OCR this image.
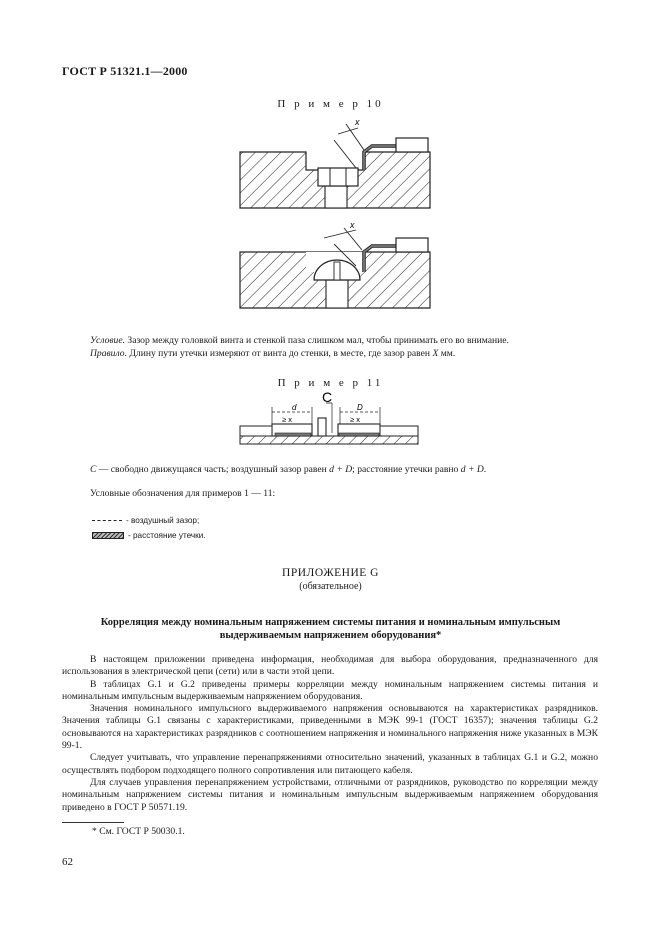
ГОСТ Р 51321.1—2000
П р и м е р 10
x
x
Условие. Зазор между головкой винта и стенкой паза слишком мал, чтобы принимать его во внимание.
Правило. Длину пути утечки измеряют от винта до стенки, в месте, где зазор равен X мм.
П р и м е р 11
C
d	D
≥ x	≥ x
C — свободно движущаяся часть; воздушный зазор равен d + D; расстояние утечки равно d + D.
Условные обозначения для примеров 1 — 11:
- воздушный зазор;
- расстояние утечки.
ПРИЛОЖЕНИЕ G
(обязательное)
Корреляция между номинальным напряжением системы питания и номинальным импульсным
выдерживаемым напряжением оборудования*

В настоящем приложении приведена информация, необходимая для выбора оборудования, предназначенного для использования в электрической цепи (сети) или в части этой цепи.

В таблицах G.1 и G.2 приведены примеры корреляции между номинальным напряжением системы питания и номинальным импульсным выдерживаемым напряжением оборудования.

Значения номинального импульсного выдерживаемого напряжения основываются на характеристиках разрядников. Значения таблицы G.1 связаны с характеристиками, приведенными в МЭК 99-1 (ГОСТ 16357); значения таблицы G.2 основываются на характеристиках разрядников с соотношением напряжения и номинального напряжения ниже указанных в МЭК 99-1.

Следует учитывать, что управление перенапряжениями относительно значений, указанных в таблицах G.1 и G.2, можно осуществлять подбором подходящего полного сопротивления или питающего кабеля.

Для случаев управления перенапряжением устройствами, отличными от разрядников, руководство по корреляции между номинальным напряжением системы питания и номинальным импульсным выдерживаемым напряжением оборудования приведено в ГОСТ Р 50571.19.

* См. ГОСТ Р 50030.1.
62
